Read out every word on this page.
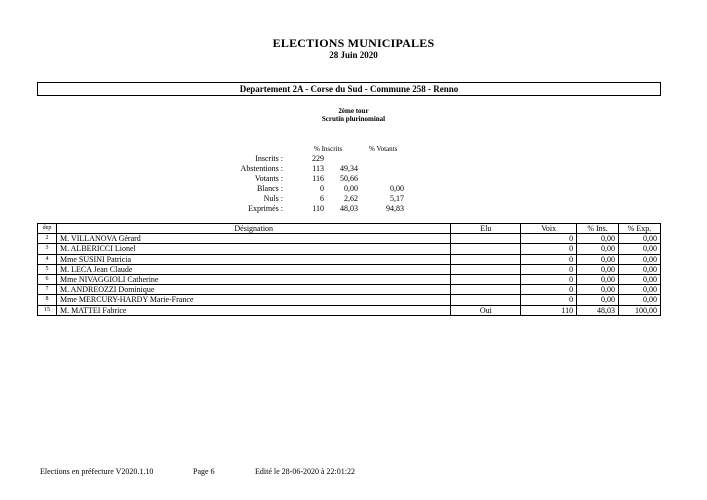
ELECTIONS MUNICIPALES
28 Juin 2020
Departement 2A - Corse du Sud - Commune 258 - Renno
2ème tour
Scrutin plurinominal
% Inscrits	% Votants
Inscrits :	229
Abstentions :	113	49,34
Votants :	116	50,66
Blancs :	0	0,00	0,00
Nuls :	6	2,62	5,17
Exprimés :	110	48,03	94,83
dep	Désignation	Elu	Voix	% Ins.	% Exp.
2	M. VILLANOVA Gérard		0	0,00	0,00
3	M. ALBERICCI Lionel		0	0,00	0,00
4	Mme SUSINI Patricia		0	0,00	0,00
5	M. LECA Jean Claude		0	0,00	0,00
6	Mme NIVAGGIOLI Catherine		0	0,00	0,00
7	M. ANDREOZZI Dominique		0	0,00	0,00
8	Mme MERCURY-HARDY Marie-France		0	0,00	0,00
15	M. MATTEI Fabrice	Oui	110	48,03	100,00
Elections en préfecture V2020.1.10	Page 6	Edité le 28-06-2020 à 22:01:22
